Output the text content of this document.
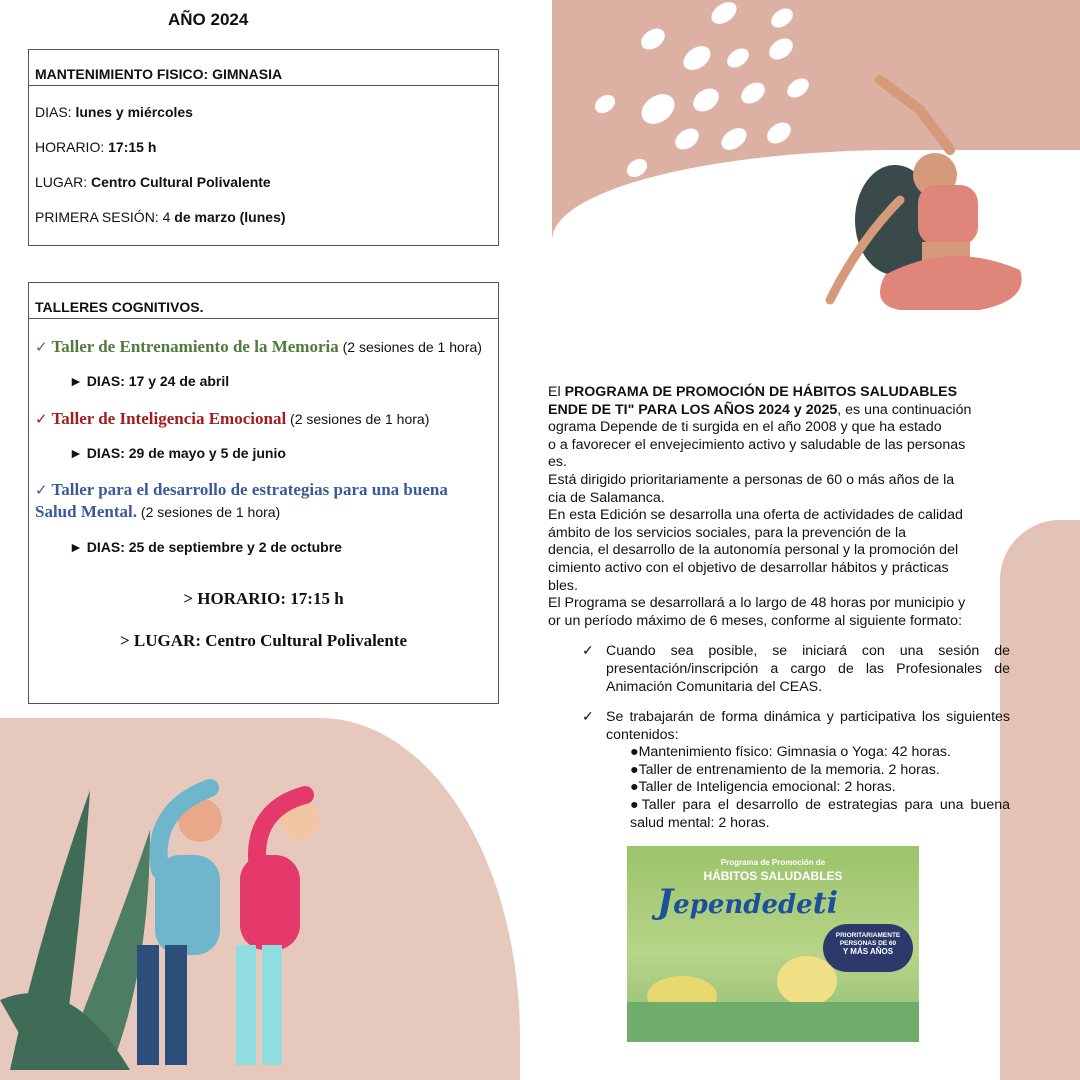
AÑO 2024
MANTENIMIENTO FISICO: GIMNASIA
DIAS: lunes y miércoles
HORARIO: 17:15 h
LUGAR: Centro Cultural Polivalente
PRIMERA SESIÓN: 4 de marzo (lunes)
TALLERES COGNITIVOS.
✓ Taller de Entrenamiento de la Memoria (2 sesiones de 1 hora)
► DIAS: 17 y 24 de abril
✓ Taller de Inteligencia Emocional (2 sesiones de 1 hora)
► DIAS: 29 de mayo y 5 de junio
✓ Taller para el desarrollo de estrategias para una buena Salud Mental. (2 sesiones de 1 hora)
► DIAS: 25 de septiembre y 2 de octubre
> HORARIO: 17:15 h
> LUGAR: Centro Cultural Polivalente

El PROGRAMA DE PROMOCIÓN DE HÁBITOS SALUDABLES

ENDE DE TI" PARA LOS AÑOS 2024 y 2025, es una continuación

ograma Depende de ti surgida en el año 2008 y que ha estado

o a favorecer el envejecimiento activo y saludable de las personas

es.

Está dirigido prioritariamente a personas de 60 o más años de la

cia de Salamanca.

En esta Edición se desarrolla una oferta de actividades de calidad

ámbito de los servicios sociales, para la prevención de la

dencia, el desarrollo de la autonomía personal y la promoción del

cimiento activo con el objetivo de desarrollar hábitos y prácticas

bles.

El Programa se desarrollará a lo largo de 48 horas por municipio y

or un período máximo de 6 meses, conforme al siguiente formato:

✓ Cuando sea posible, se iniciará con una sesión de presentación/inscripción a cargo de las Profesionales de Animación Comunitaria del CEAS.
✓ Se trabajarán de forma dinámica y participativa los siguientes contenidos:
●Mantenimiento físico: Gimnasia o Yoga: 42 horas.
●Taller de entrenamiento de la memoria. 2 horas.
●Taller de Inteligencia emocional: 2 horas.
●Taller para el desarrollo de estrategias para una buena salud mental: 2 horas.
Programa de Promoción de
HÁBITOS SALUDABLES
Jependedeti
PRIORITARIAMENTE
PERSONAS DE 60
Y MÁS AÑOS
